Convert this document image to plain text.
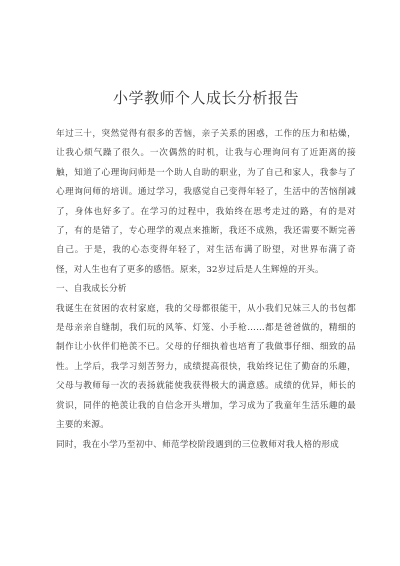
小学教师个人成长分析报告

年过三十，突然觉得有很多的苦恼，亲子关系的困惑，工作的压力和枯燥，让我心烦气躁了很久。一次偶然的时机，让我与心理询问有了近距离的接触，知道了心理询问师是一个助人自助的职业，为了自己和家人，我参与了心理询问师的培训。通过学习，我感觉自己变得年轻了，生活中的苦恼削减了，身体也好多了。在学习的过程中，我始终在思考走过的路，有的是对了，有的是错了，专心理学的观点来推断，我还不成熟，我还需要不断完善自己。于是，我的心态变得年轻了，对生活布满了盼望，对世界布满了奇怪，对人生也有了更多的感悟。原来，32岁过后是人生辉煌的开头。

一、自我成长分析

我诞生在贫困的农村家庭，我的父母都很能干，从小我们兄妹三人的书包都是母亲亲自缝制，我们玩的风筝、灯笼、小手枪……都是爸爸做的，精细的制作让小伙伴们艳羡不已。父母的仔细执着也培育了我做事仔细、细致的品性。上学后，我学习刻苦努力，成绩提高很快，我始终记住了勤奋的乐趣，父母与教师每一次的表扬就能使我获得极大的满意感。成绩的优异，师长的赏识，同伴的艳羡让我的自信念开头增加，学习成为了我童年生活乐趣的最主要的来源。

同时，我在小学乃至初中、师范学校阶段遇到的三位教师对我人格的形成
